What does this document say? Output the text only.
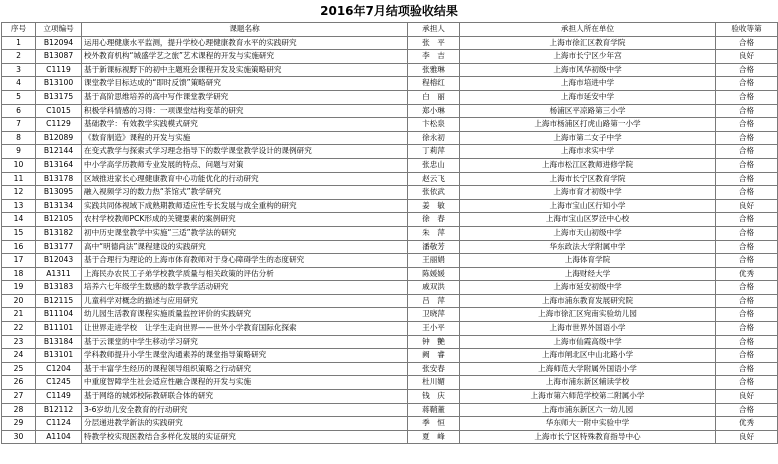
2016年7月结项验收结果
序号	立项编号	课题名称	承担人	承担人所在单位	验收等第
1	B12094	运用心理健康水平监测，提升学校心理健康教育水平的实践研究	张　平	上海市徐汇区教育学院	合格
2	B13087	校外教育机构“城盛学艺之旅”艺术课程的开发与实施研究	李　吉	上海市长宁区少年宫	良好
3	C1119	基于新课标视野下的初中主题班会课程开发及实施策略研究	张雅琳	上海市风华初级中学	合格
4	B13100	课堂教学目标达成的“即时反馈”策略研究	程榕红	上海市培进中学	合格
5	B13175	基于高阶思维培养的高中写作课堂教学研究	白　丽	上海市延安中学	合格
6	C1015	积极学科情感的习得：一项课堂结构变革的研究	郑小琳	杨浦区平凉路第三小学	合格
7	C1129	基础教学：有效教学实践模式研究	卞松泉	上海市杨浦区打虎山路第一小学	合格
8	B12089	《数育制造》课程的开发与实施	徐永初	上海市第二女子中学	合格
9	B12144	在变式教学与探索式学习理念指导下的数学课堂教学设计的课例研究	丁莉萍	上海市求实中学	合格
10	B13164	中小学高学历教师专业发展的特点、问题与对策	张忠山	上海市松江区教师进修学院	合格
11	B13178	区域推进家长心理健康教育中心功能优化的行动研究	赵云飞	上海市长宁区教育学院	合格
12	B13095	融入视频学习的数力热“茶馆式”教学研究	张依武	上海市育才初级中学	合格
13	B13134	实践共同体视域下成熟期教师适应性专长发展与成全重构的研究	姜　敏	上海市宝山区行知小学	良好
14	B12105	农村学校教师PCK形成的关键要素的案例研究	徐　春	上海市宝山区罗泾中心校	合格
15	B13182	初中历史课堂教学中实施“三适”教学法的研究	朱　萍	上海市天山初级中学	合格
16	B13177	高中“明德尚法”课程建设的实践研究	潘敬芳	华东政法大学附属中学	合格
17	B12043	基于合理行为理论的上海市体育教师对于身心障碍学生的态度研究	王丽娟	上海体育学院	合格
18	A1311	上海民办农民工子弟学校教学质量与相关政策的评估分析	陈媛媛	上海财经大学	优秀
19	B13183	培养六七年级学生数感的数学教学活动研究	戚双洪	上海市延安初级中学	合格
20	B12115	儿童科学对概念的描述与应用研究	吕　萍	上海市浦东教育发展研究院	合格
21	B11104	幼儿园生活教育课程实施质量监控评价的实践研究	卫晓萍	上海市徐汇区宛南实验幼儿园	合格
22	B11101	让世界走进学校　让学生走向世界——世外小学教育国际化探索	王小平	上海市世界外国语小学	合格
23	B13184	基于云课堂的中学生移动学习研究	钟　艷	上海市仙霞高级中学	合格
24	B13101	学科教师提升小学生课堂沟通素养的课堂指导策略研究	阙　睿	上海市闸北区中山北路小学	合格
25	C1204	基于丰富学生经历的课程领导组织策略之行动研究	张安春	上海师范大学附属外国语小学	合格
26	C1245	中重度智障学生社会适应性融合课程的开发与实施	杜川媚	上海市浦东新区辅读学校	合格
27	C1149	基于网络的城郊校际教研联合体的研究	钱　庆	上海市第六师范学校第二附属小学	良好
28	B12112	3-6岁幼儿安全教育的行动研究	蒋鞘董	上海市浦东新区六一幼儿园	合格
29	C1124	分层递进教学新法的实践研究	季　恒	华东师大一附中实验中学	优秀
30	A1104	特教学校实现医教结合多样化发展的实证研究	夏　峰	上海市长宁区特殊教育指导中心	良好
